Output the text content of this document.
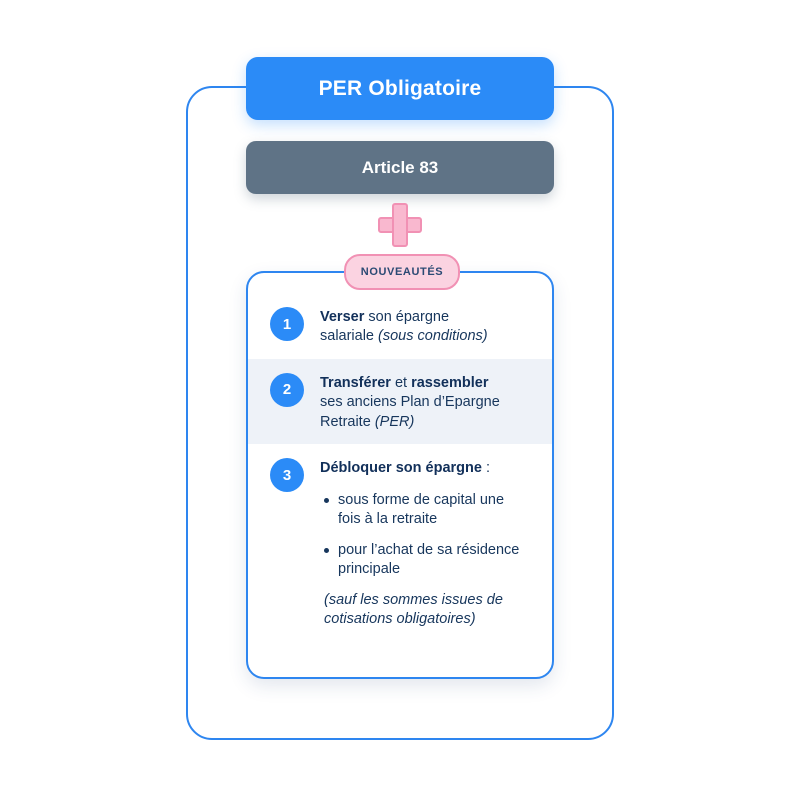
PER Obligatoire
Article 83
NOUVEAUTÉS
1	Verser son épargne
salariale (sous conditions)
2	Transférer et rassembler
ses anciens Plan d’Epargne
Retraite (PER)
3	Débloquer son épargne :
sous forme de capital une fois à la retraite
pour l’achat de sa résidence principale
(sauf les sommes issues de cotisations obligatoires)
